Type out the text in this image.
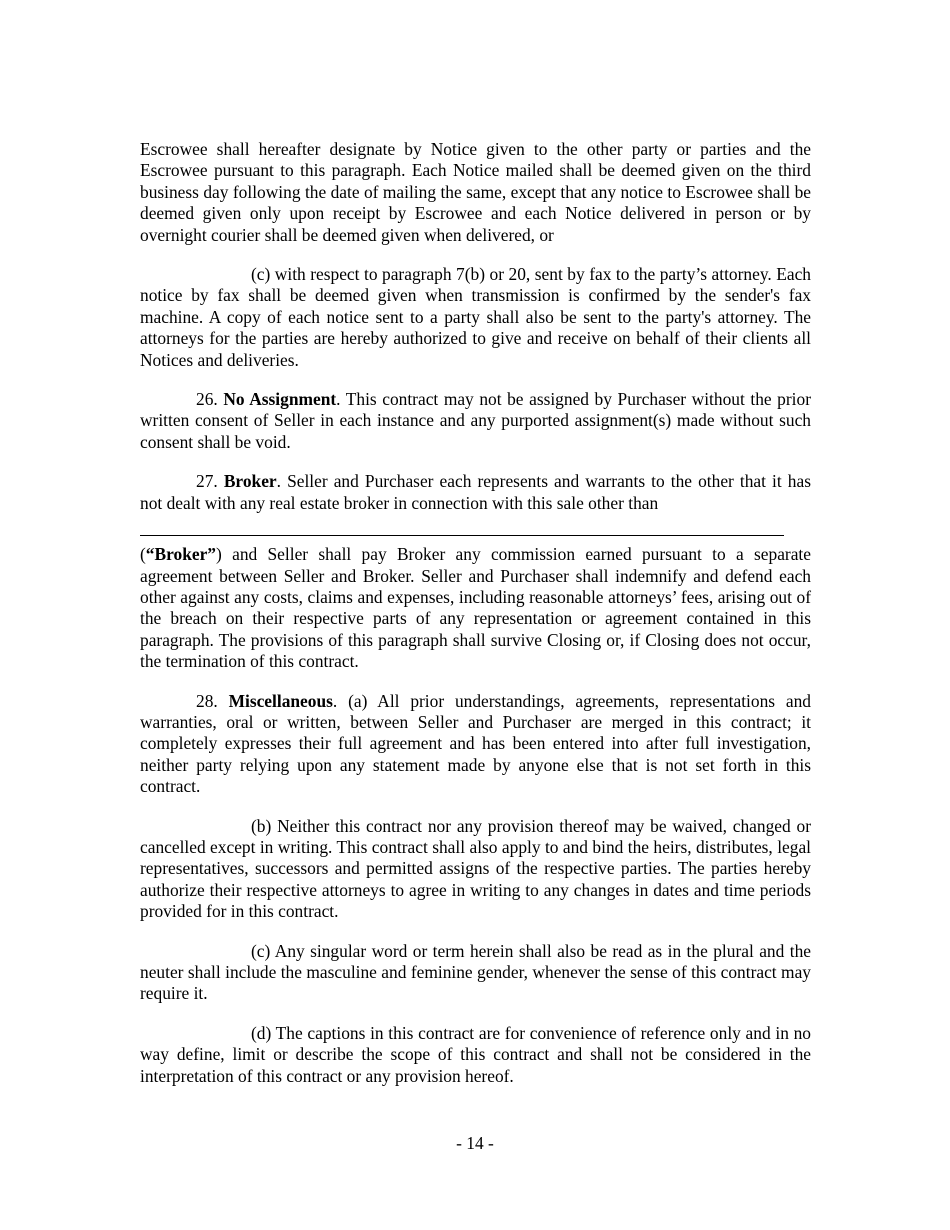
Escrowee shall hereafter designate by Notice given to the other party or parties and the Escrowee pursuant to this paragraph. Each Notice mailed shall be deemed given on the third business day following the date of mailing the same, except that any notice to Escrowee shall be deemed given only upon receipt by Escrowee and each Notice delivered in person or by overnight courier shall be deemed given when delivered, or

(c) with respect to paragraph 7(b) or 20, sent by fax to the party’s attorney. Each notice by fax shall be deemed given when transmission is confirmed by the sender's fax machine. A copy of each notice sent to a party shall also be sent to the party's attorney. The attorneys for the parties are hereby authorized to give and receive on behalf of their clients all Notices and deliveries.

26. No Assignment. This contract may not be assigned by Purchaser without the prior written consent of Seller in each instance and any purported assignment(s) made without such consent shall be void.

27. Broker. Seller and Purchaser each represents and warrants to the other that it has not dealt with any real estate broker in connection with this sale other than

(“Broker”) and Seller shall pay Broker any commission earned pursuant to a separate agreement between Seller and Broker. Seller and Purchaser shall indemnify and defend each other against any costs, claims and expenses, including reasonable attorneys’ fees, arising out of the breach on their respective parts of any representation or agreement contained in this paragraph. The provisions of this paragraph shall survive Closing or, if Closing does not occur, the termination of this contract.

28. Miscellaneous. (a) All prior understandings, agreements, representations and warranties, oral or written, between Seller and Purchaser are merged in this contract; it completely expresses their full agreement and has been entered into after full investigation, neither party relying upon any statement made by anyone else that is not set forth in this contract.

(b) Neither this contract nor any provision thereof may be waived, changed or cancelled except in writing. This contract shall also apply to and bind the heirs, distributes, legal representatives, successors and permitted assigns of the respective parties. The parties hereby authorize their respective attorneys to agree in writing to any changes in dates and time periods provided for in this contract.

(c) Any singular word or term herein shall also be read as in the plural and the neuter shall include the masculine and feminine gender, whenever the sense of this contract may require it.

(d) The captions in this contract are for convenience of reference only and in no way define, limit or describe the scope of this contract and shall not be considered in the interpretation of this contract or any provision hereof.

- 14 -
